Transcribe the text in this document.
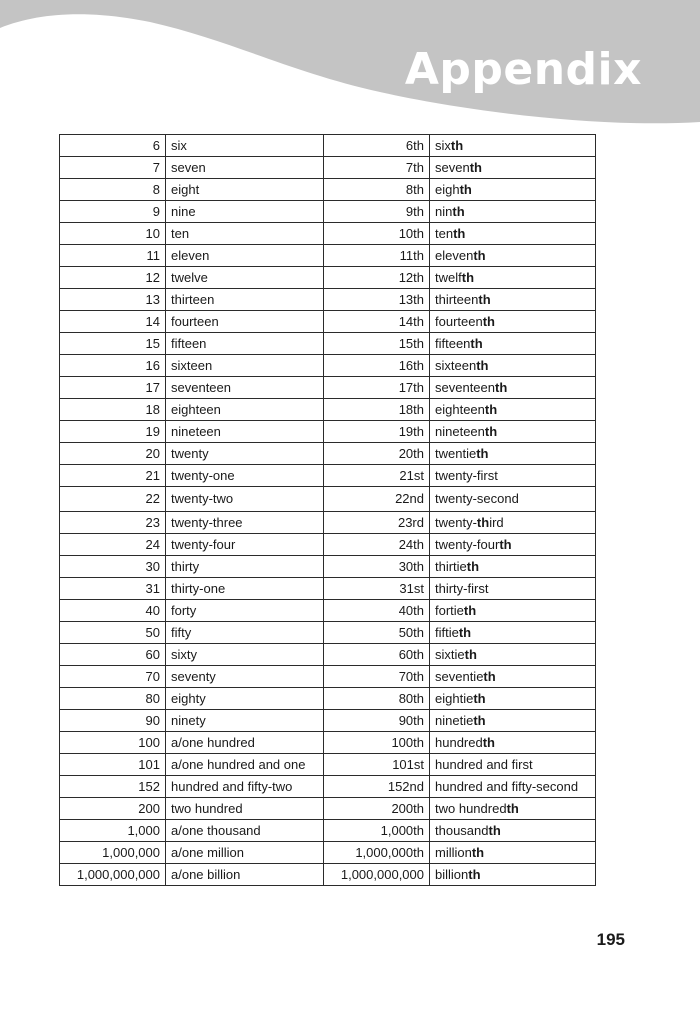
Appendix
6	six	6th	sixth
7	seven	7th	seventh
8	eight	8th	eighth
9	nine	9th	ninth
10	ten	10th	tenth
11	eleven	11th	eleventh
12	twelve	12th	twelfth
13	thirteen	13th	thirteenth
14	fourteen	14th	fourteenth
15	fifteen	15th	fifteenth
16	sixteen	16th	sixteenth
17	seventeen	17th	seventeenth
18	eighteen	18th	eighteenth
19	nineteen	19th	nineteenth
20	twenty	20th	twentieth
21	twenty-one	21st	twenty-first
22	twenty-two	22nd	twenty-second
23	twenty-three	23rd	twenty-third
24	twenty-four	24th	twenty-fourth
30	thirty	30th	thirtieth
31	thirty-one	31st	thirty-first
40	forty	40th	fortieth
50	fifty	50th	fiftieth
60	sixty	60th	sixtieth
70	seventy	70th	seventieth
80	eighty	80th	eightieth
90	ninety	90th	ninetieth
100	a/one hundred	100th	hundredth
101	a/one hundred and one	101st	hundred and first
152	hundred and fifty-two	152nd	hundred and fifty-second
200	two hundred	200th	two hundredth
1,000	a/one thousand	1,000th	thousandth
1,000,000	a/one million	1,000,000th	millionth
1,000,000,000	a/one billion	1,000,000,000	billionth
195
